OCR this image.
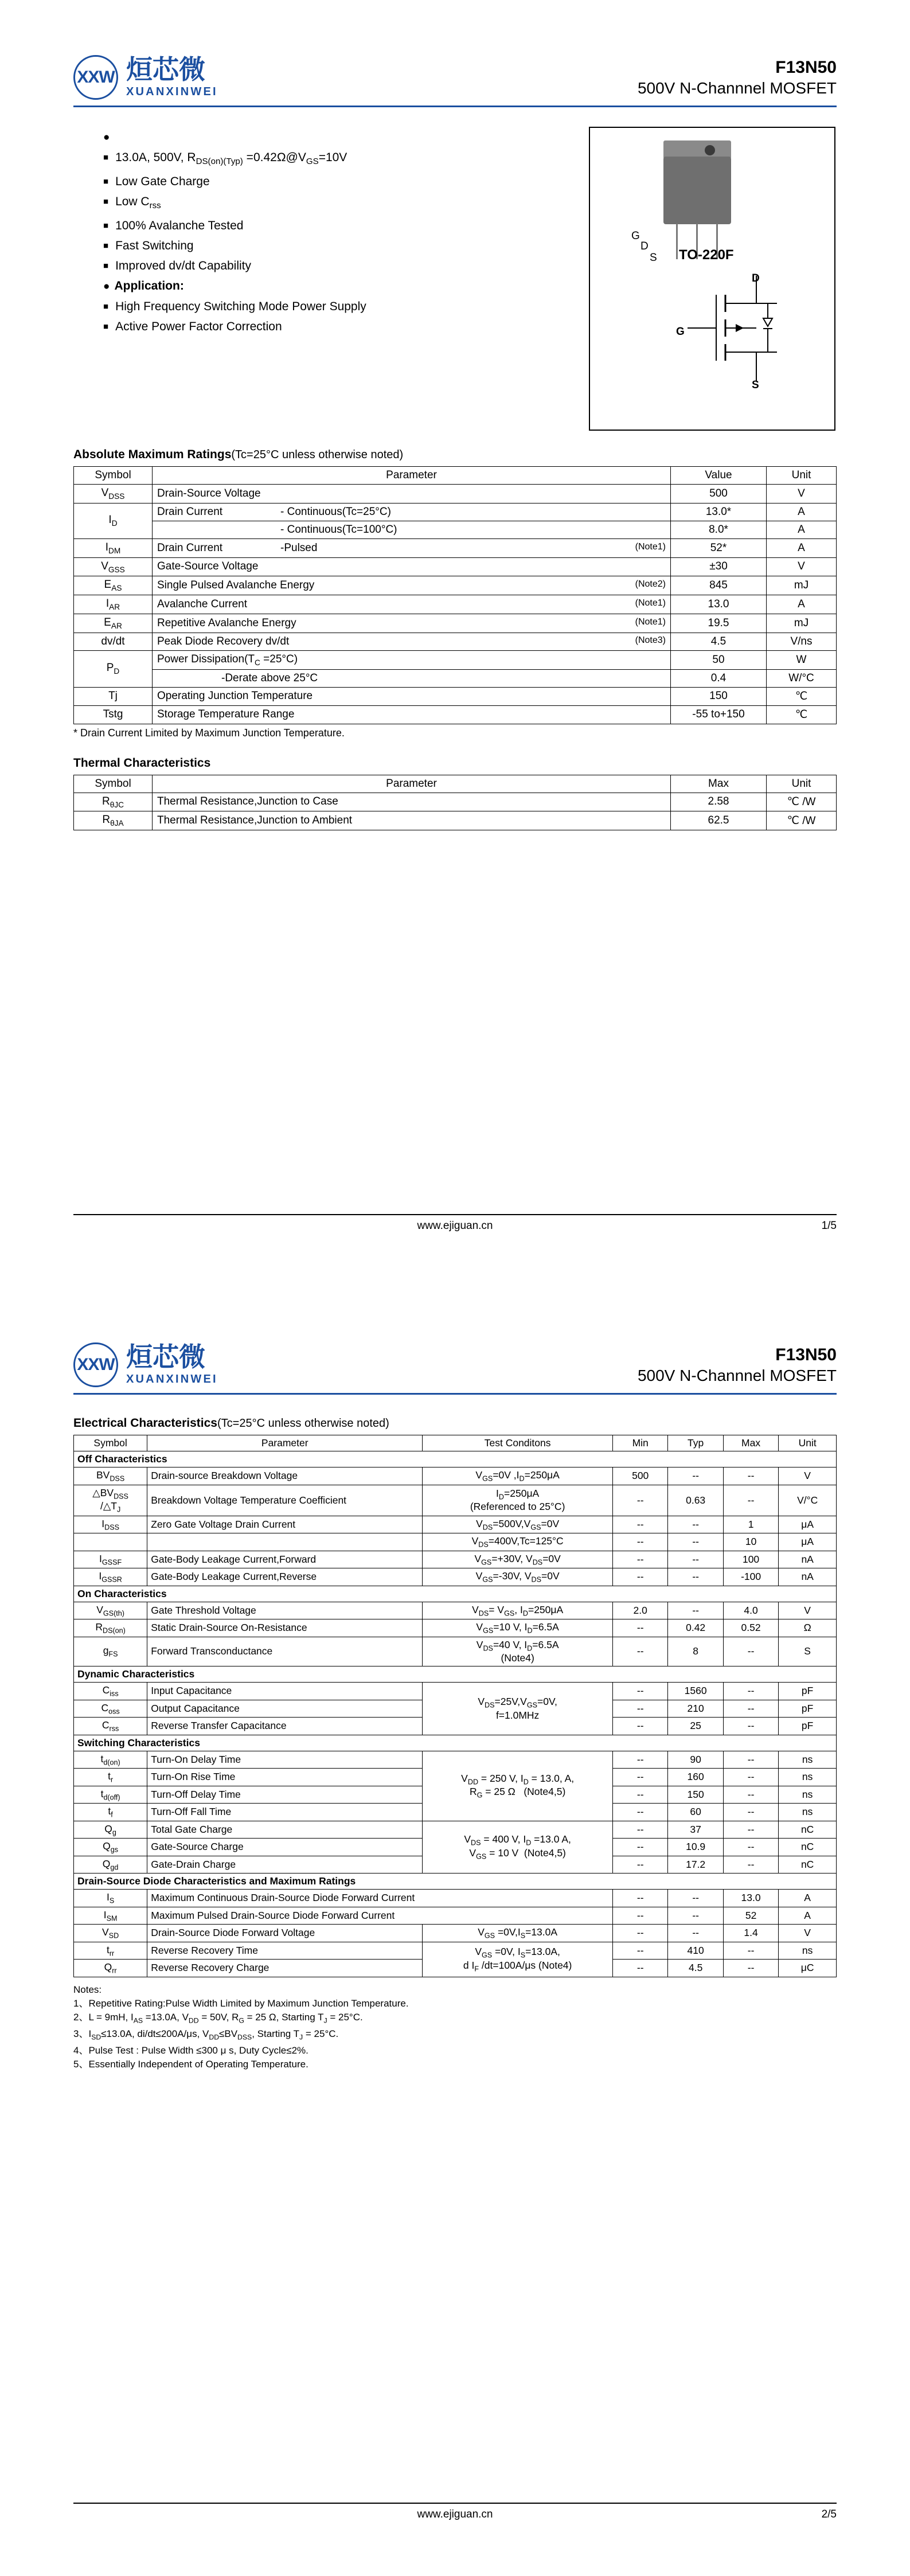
XXW 烜芯微
XUANXINWEI
F13N50
500V N-Channnel MOSFET
●
■ 13.0A, 500V, $R_{DS(on)(Typ)}$ $=0.42\Omega@V_{GS}=10V$
■ Low Gate Charge
■ Low $C_{rss}$
■ 100% Avalanche Tested
■ Fast Switching
■ Improved dv/dt Capability
● Application:
■ High Frequency Switching Mode Power Supply
■ Active Power Factor Correction
G
D
S TO-220F
D
G
S
Absolute Maximum Ratings(Tc=25°C unless otherwise noted)
Symbol	Parameter	Value	Unit
$V_{DSS}$	Drain-Source Voltage	500	V
$I_D$	Drain Current - Continuous(Tc=25°C)	13.0*	A
	- Continuous(Tc=100°C)	8.0*	A
$I_{DM}$	Drain Current -Pulsed (Note1)	52*	A
$V_{GSS}$	Gate-Source Voltage	±30	V
$E_{AS}$	Single Pulsed Avalanche Energy (Note2)	845	mJ
$I_{AR}$	Avalanche Current (Note1)	13.0	A
$E_{AR}$	Repetitive Avalanche Energy (Note1)	19.5	mJ
dv/dt	Peak Diode Recovery dv/dt (Note3)	4.5	V/ns
$P_D$	Power $Dissipation(T_C =25^\circ C)$	50	W
	-Derate above 25°C	0.4	W/°C
Tj	Operating Junction Temperature	150	℃
Tstg	Storage Temperature Range	-55 to+150	℃
* Drain Current Limited by Maximum Junction Temperature.
Thermal Characteristics
Symbol	Parameter	Max	Unit
$R_{\theta JC}$	Thermal Resistance,Junction to Case	2.58	℃ /W
$R_{\theta JA}$	Thermal Resistance,Junction to Ambient	62.5	℃ /W
www.ejiguan.cn	1/5
XXW 烜芯微
XUANXINWEI
F13N50
500V N-Channnel MOSFET
Electrical Characteristics(Tc=25°C unless otherwise noted)
Symbol	Parameter	Test Conditons	Min	Typ	Max	Unit
Off Characteristics						
$BV_{DSS}$	Drain-source Breakdown Voltage	$V_{GS}=0V$ $,I_D=250\mu A$	500	--	--	V
$\triangle BV_{DSS}$
$/\triangle T_J$	Breakdown Voltage Temperature Coefficient	$I_D=250\mu A$
(Referenced to 25°C)	--	0.63	--	V/°C
$I_{DSS}$	Zero Gate Voltage Drain Current	$V_{DS}=500V,V_{GS}=0V$	--	--	1	μA
		$V_{DS}=400V,Tc=125^\circ C$	--	--	10	μA
$I_{GSSF}$	Gate-Body Leakage Current,Forward	$V_{GS}=+30V$, $V_{DS}=0V$	--	--	100	nA
$I_{GSSR}$	Gate-Body Leakage Current,Reverse	$V_{GS}=-30V$, $V_{DS}=0V$	--	--	-100	nA
On Characteristics						
$V_{GS(th)}$	Gate Threshold Voltage	$V_{DS}= V_{GS}$, $I_D=250\mu A$	2.0	--	4.0	V
$R_{DS(on)}$	Static Drain-Source On-Resistance	$V_{GS}=10$ V, $I_D=6.5A$	--	0.42	0.52	Ω
$g_{FS}$	Forward Transconductance	$V_{DS}=40$ V, $I_D=6.5A$
(Note4)	--	8	--	S
Dynamic Characteristics						
$C_{iss}$	Input Capacitance	$V_{DS}=25V,V_{GS}=0V$,
f=1.0MHz	--	1560	--	pF
$C_{oss}$	Output Capacitance		--	210	--	pF
$C_{rss}$	Reverse Transfer Capacitance		--	25	--	pF
Switching Characteristics						
$t_{d(on)}$	Turn-On Delay Time	$V_{DD} = 250$ V, $I_D = 13.0$, A,
$R_G = 25$ Ω   (Note4,5)	--	90	--	ns
$t_r$	Turn-On Rise Time		--	160	--	ns
$t_{d(off)}$	Turn-Off Delay Time		--	150	--	ns
$t_f$	Turn-Off Fall Time		--	60	--	ns
$Q_g$	Total Gate Charge	$V_{DS} = 400$ V, $I_D =13.0$ A,
$V_{GS} = 10$ V  (Note4,5)	--	37	--	nC
$Q_{gs}$	Gate-Source Charge		--	10.9	--	nC
$Q_{gd}$	Gate-Drain Charge		--	17.2	--	nC
Drain-Source Diode Characteristics and Maximum Ratings						
$I_S$	Maximum Continuous Drain-Source Diode Forward Current		--	--	13.0	A
$I_{SM}$	Maximum Pulsed Drain-Source Diode Forward Current		--	--	52	A
$V_{SD}$	Drain-Source Diode Forward Voltage	$V_{GS} =0V,I_S=13.0A$	--	--	1.4	V
$t_{rr}$	Reverse Recovery Time	$V_{GS} =0V$, $I_S=13.0A$,
d $I_F$ /dt=100A/μs (Note4)	--	410	--	ns
$Q_{rr}$	Reverse Recovery Charge		--	4.5	--	μC
Notes:
1、Repetitive Rating:Pulse Width Limited by Maximum Junction Temperature.
2、L = 9mH, $I_{AS} =13.0A$, $V_{DD} = 50V$, $R_G = 25$ Ω, Starting $T_J = 25^\circ C$.
3、$I_{SD}\le 13.0A$, di/dt≤200A/μs, $V_{DD}\le BV_{DSS}$, Starting $T_J = 25^\circ C$.
4、Pulse Test : Pulse Width ≤300 μ s, Duty Cycle≤2%.
5、Essentially Independent of Operating Temperature.
www.ejiguan.cn	2/5
